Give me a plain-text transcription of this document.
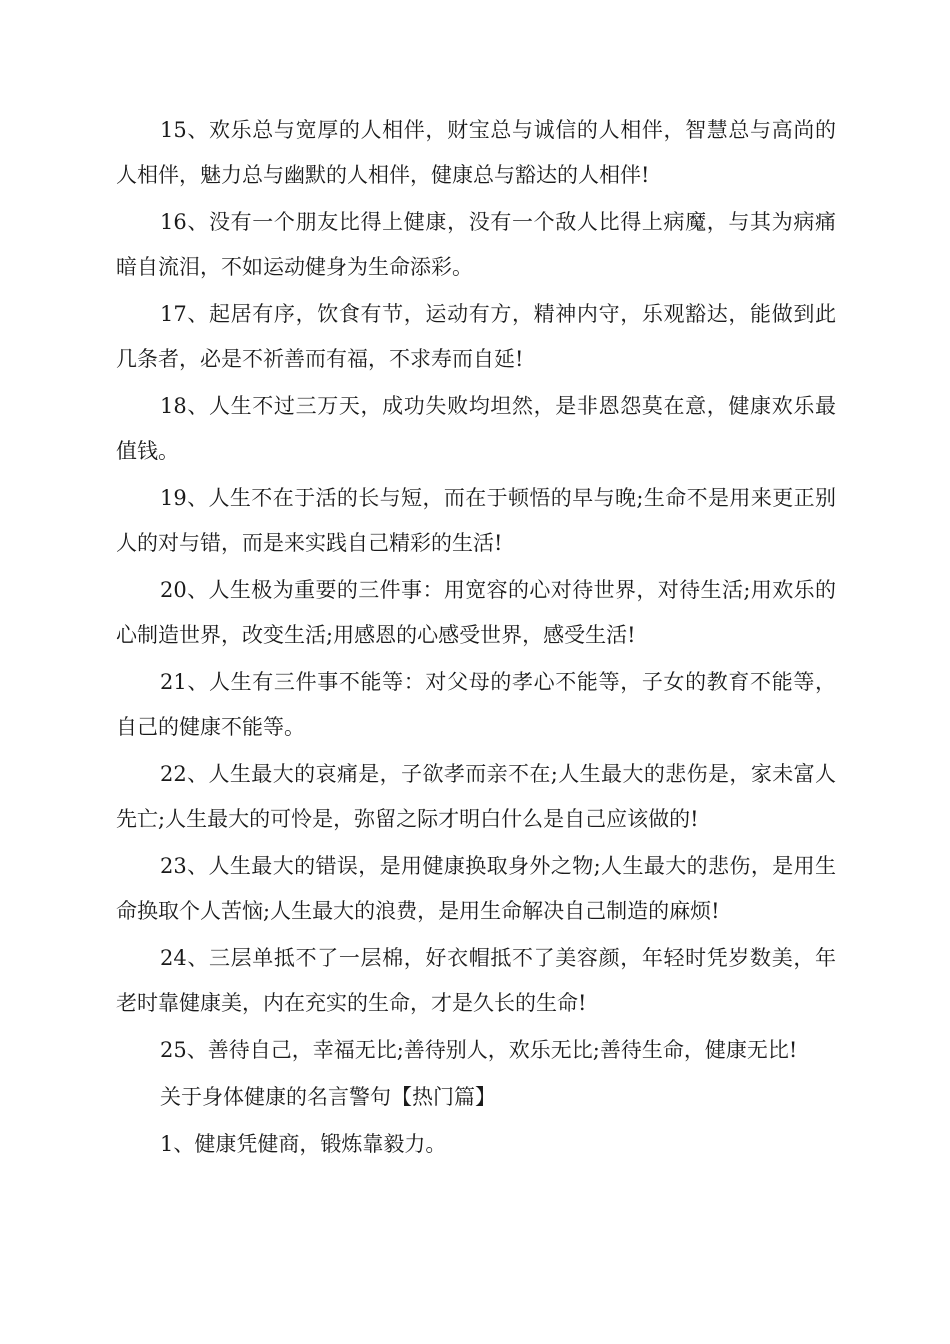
15、欢乐总与宽厚的人相伴，财宝总与诚信的人相伴，智慧总与高尚的人相伴，魅力总与幽默的人相伴，健康总与豁达的人相伴!

16、没有一个朋友比得上健康，没有一个敌人比得上病魔，与其为病痛暗自流泪，不如运动健身为生命添彩。

17、起居有序，饮食有节，运动有方，精神内守，乐观豁达，能做到此几条者，必是不祈善而有福，不求寿而自延!

18、人生不过三万天，成功失败均坦然，是非恩怨莫在意，健康欢乐最值钱。

19、人生不在于活的长与短，而在于顿悟的早与晚;生命不是用来更正别人的对与错，而是来实践自己精彩的生活!

20、人生极为重要的三件事：用宽容的心对待世界，对待生活;用欢乐的心制造世界，改变生活;用感恩的心感受世界，感受生活!

21、人生有三件事不能等：对父母的孝心不能等，子女的教育不能等，自己的健康不能等。

22、人生最大的哀痛是，子欲孝而亲不在;人生最大的悲伤是，家未富人先亡;人生最大的可怜是，弥留之际才明白什么是自己应该做的!

23、人生最大的错误，是用健康换取身外之物;人生最大的悲伤，是用生命换取个人苦恼;人生最大的浪费，是用生命解决自己制造的麻烦!

24、三层单抵不了一层棉，好衣帽抵不了美容颜，年轻时凭岁数美，年老时靠健康美，内在充实的生命，才是久长的生命!

25、善待自己，幸福无比;善待别人，欢乐无比;善待生命，健康无比!

关于身体健康的名言警句【热门篇】

1、健康凭健商，锻炼靠毅力。
